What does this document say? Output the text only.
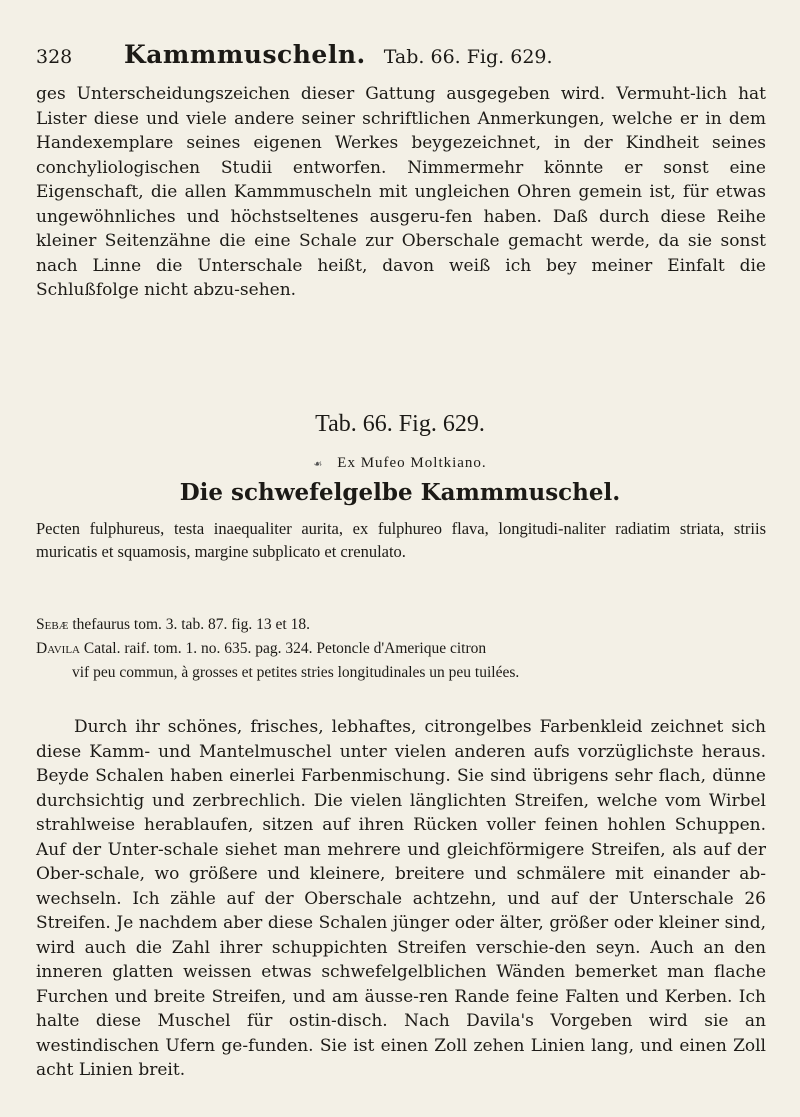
328	Kammmuscheln. Tab. 66. Fig. 629.

ges Unterscheidungszeichen dieser Gattung ausgegeben wird. Vermuht-lich hat Lister diese und viele andere seiner schriftlichen Anmerkungen, welche er in dem Handexemplare seines eigenen Werkes beygezeichnet, in der Kindheit seines conchyliologischen Studii entworfen. Nimmermehr könnte er sonst eine Eigenschaft, die allen Kammmuscheln mit ungleichen Ohren gemein ist, für etwas ungewöhnliches und höchstseltenes ausgeru-fen haben. Daß durch diese Reihe kleiner Seitenzähne die eine Schale zur Oberschale gemacht werde, da sie sonst nach Linne die Unterschale heißt, davon weiß ich bey meiner Einfalt die Schlußfolge nicht abzu-sehen.

Tab. 66. Fig. 629.
☙ Ex Mufeo Moltkiano.
Die schwefelgelbe Kammmuschel.
Pecten fulphureus, testa inaequaliter aurita, ex fulphureo flava, longitudi-naliter radiatim striata, striis muricatis et squamosis, margine subplicato et crenulato.

Sebæ thefaurus tom. 3. tab. 87. fig. 13 et 18.

Davila Catal. raif. tom. 1. no. 635. pag. 324. Petoncle d'Amerique citron

vif peu commun, à grosses et petites stries longitudinales un peu tuilées.

Durch ihr schönes, frisches, lebhaftes, citrongelbes Farbenkleid zeichnet sich diese Kamm- und Mantelmuschel unter vielen anderen aufs vorzüglichste heraus. Beyde Schalen haben einerlei Farbenmischung. Sie sind übrigens sehr flach, dünne durchsichtig und zerbrechlich. Die vielen länglichten Streifen, welche vom Wirbel strahlweise herablaufen, sitzen auf ihren Rücken voller feinen hohlen Schuppen. Auf der Unter-schale siehet man mehrere und gleichförmigere Streifen, als auf der Ober-schale, wo größere und kleinere, breitere und schmälere mit einander ab-wechseln. Ich zähle auf der Oberschale achtzehn, und auf der Unterschale 26 Streifen. Je nachdem aber diese Schalen jünger oder älter, größer oder kleiner sind, wird auch die Zahl ihrer schuppichten Streifen verschie-den seyn. Auch an den inneren glatten weissen etwas schwefelgelblichen Wänden bemerket man flache Furchen und breite Streifen, und am äusse-ren Rande feine Falten und Kerben. Ich halte diese Muschel für ostin-disch. Nach Davila's Vorgeben wird sie an westindischen Ufern ge-funden. Sie ist einen Zoll zehen Linien lang, und einen Zoll acht Linien breit.
